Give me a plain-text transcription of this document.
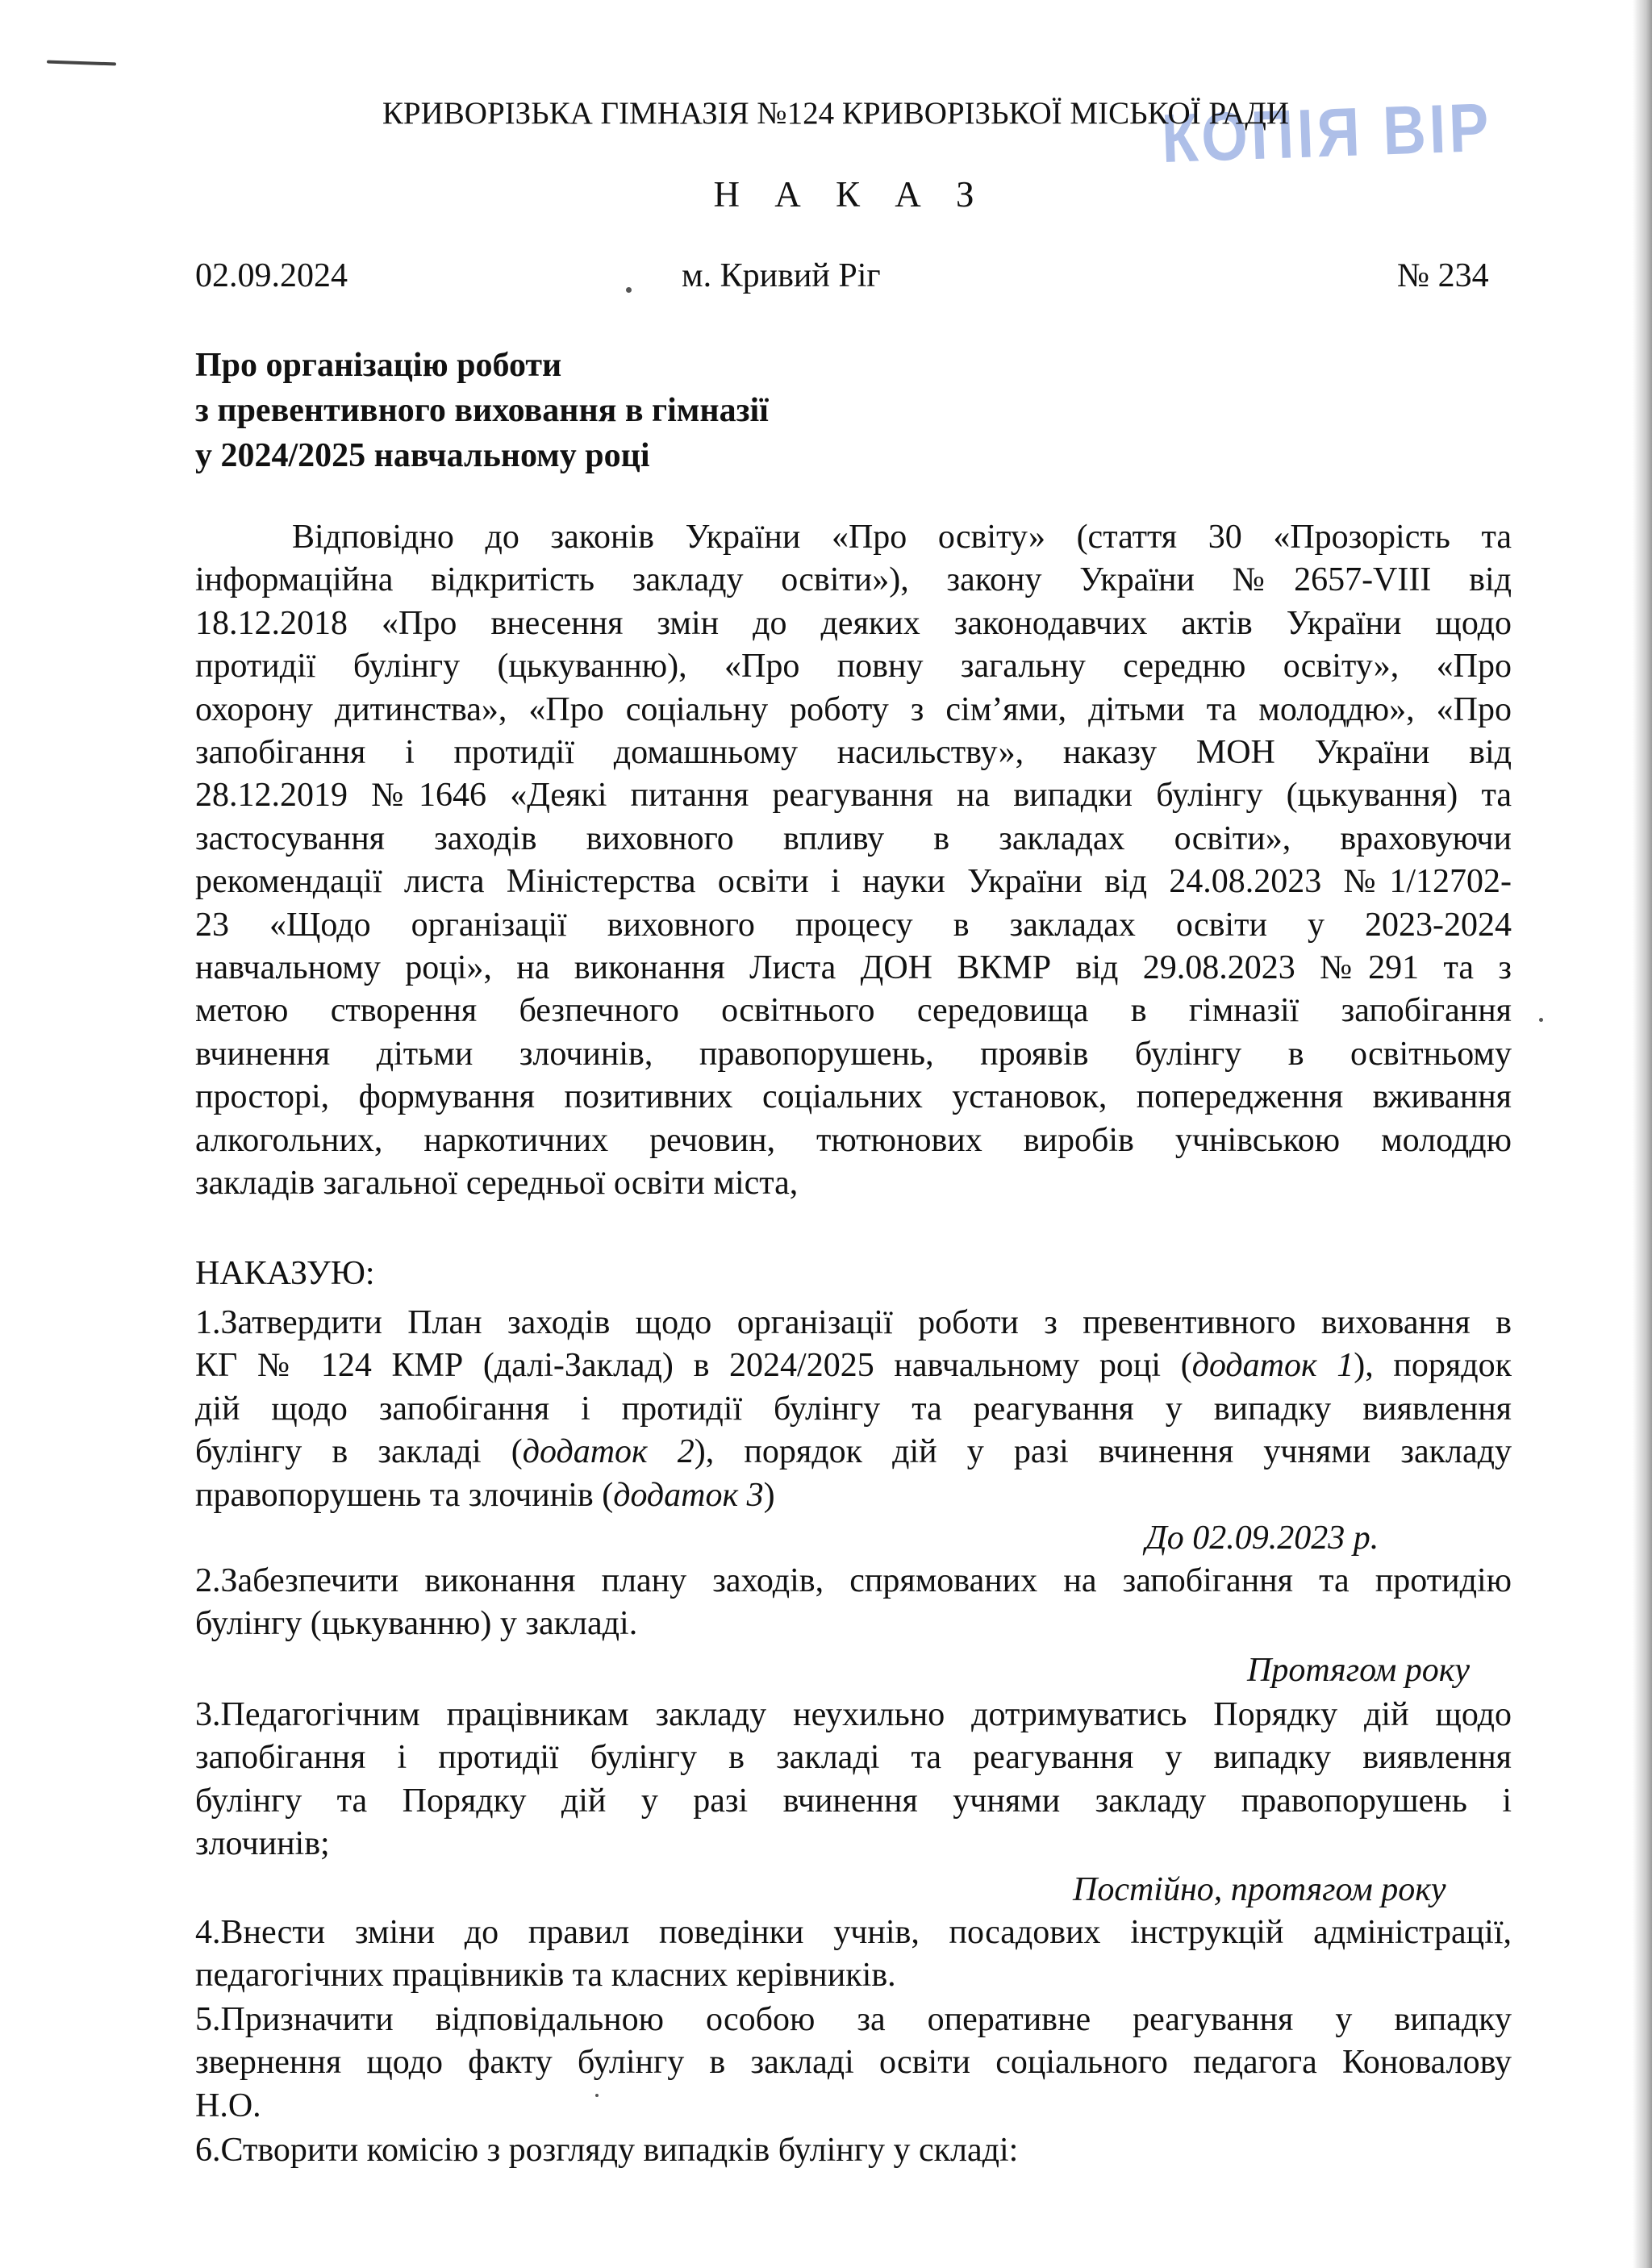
КОПІЯ ВІР
КРИВОРІЗЬКА ГІМНАЗІЯ №124 КРИВОРІЗЬКОЇ МІСЬКОЇ РАДИ
Н А К А З
02.09.2024	м. Кривий Ріг	№ 234
Про організацію роботи
з превентивного виховання в гімназії
у 2024/2025 навчальному році
Відповідно до законів України «Про освіту» (стаття 30 «Прозорість та
інформаційна відкритість закладу освіти»), закону України №2657-VIII від
18.12.2018 «Про внесення змін до деяких законодавчих актів України щодо
протидії булінгу (цькуванню), «Про повну загальну середню освіту», «Про
охорону дитинства», «Про соціальну роботу з сім’ями, дітьми та молоддю», «Про
запобігання і протидії домашньому насильству», наказу МОН України від
28.12.2019 №1646 «Деякі питання реагування на випадки булінгу (цькування) та
застосування заходів виховного впливу в закладах освіти», враховуючи
рекомендації листа Міністерства освіти і науки України від 24.08.2023 №1/12702-
23 «Щодо організації виховного процесу в закладах освіти у 2023-2024
навчальному році», на виконання Листа ДОН ВКМР від 29.08.2023 №291 та з
метою створення безпечного освітнього середовища в гімназії запобігання
вчинення дітьми злочинів, правопорушень, проявів булінгу в освітньому
просторі, формування позитивних соціальних установок, попередження вживання
алкогольних, наркотичних речовин, тютюнових виробів учнівською молоддю
закладів загальної середньої освіти міста,
НАКАЗУЮ:
1.Затвердити План заходів щодо організації роботи з превентивного виховання в
КГ № 124 КМР (далі-Заклад) в 2024/2025 навчальному році (додаток 1), порядок
дій щодо запобігання і протидії булінгу та реагування у випадку виявлення
булінгу в закладі (додаток 2), порядок дій у разі вчинення учнями закладу
правопорушень та злочинів (додаток 3)
До 02.09.2023 р.
2.Забезпечити виконання плану заходів, спрямованих на запобігання та протидію
булінгу (цькуванню) у закладі.
Протягом року
3.Педагогічним працівникам закладу неухильно дотримуватись Порядку дій щодо
запобігання і протидії булінгу в закладі та реагування у випадку виявлення
булінгу та Порядку дій у разі вчинення учнями закладу правопорушень і
злочинів;
Постійно, протягом року
4.Внести зміни до правил поведінки учнів, посадових інструкцій адміністрації,
педагогічних працівників та класних керівників.
5.Призначити відповідальною особою за оперативне реагування у випадку
звернення щодо факту булінгу в закладі освіти соціального педагога Коновалову
Н.О.
6.Створити комісію з розгляду випадків булінгу у складі:
